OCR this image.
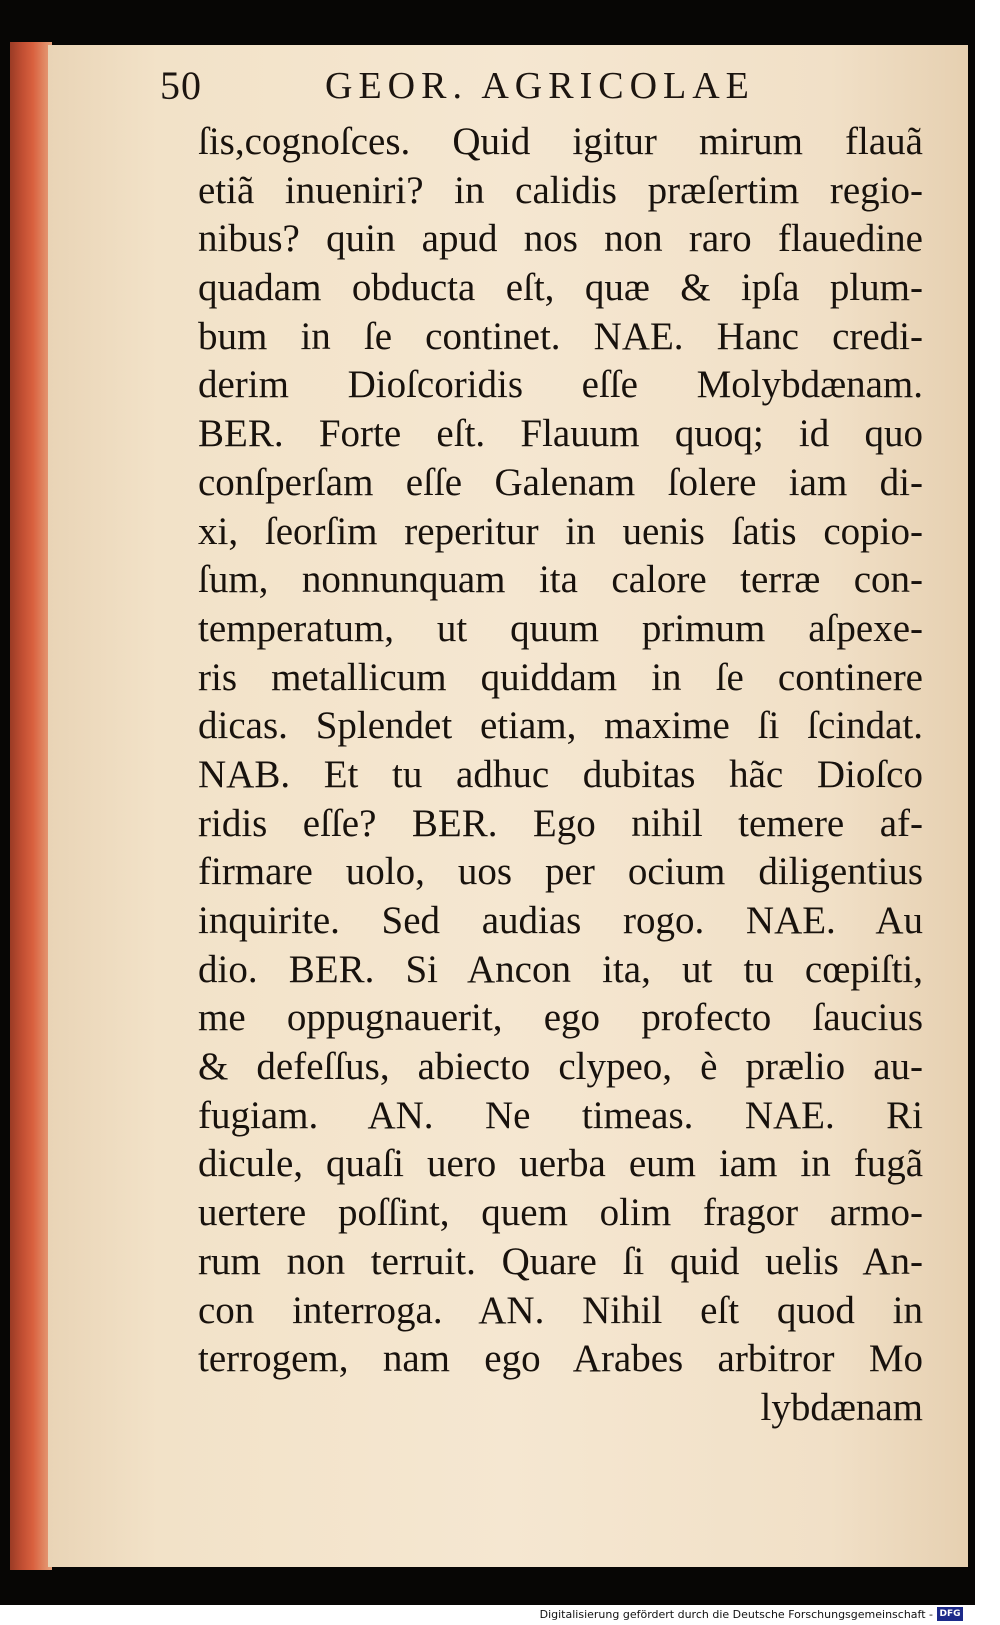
50	GEOR. AGRICOLAE
ſis,cognoſces. Quid igitur mirum flauã
etiã inueniri? in calidis præſertim regio-
nibus? quin apud nos non raro flauedine
quadam obducta eſt, quæ & ipſa plum-
bum in ſe continet. NAE. Hanc credi-
derim Dioſcoridis eſſe Molybdænam.
BER. Forte eſt. Flauum quoq; id quo
conſperſam eſſe Galenam ſolere iam di-
xi, ſeorſim reperitur in uenis ſatis copio-
ſum, nonnunquam ita calore terræ con-
temperatum, ut quum primum aſpexe-
ris metallicum quiddam in ſe continere
dicas. Splendet etiam, maxime ſi ſcindat.
NAB. Et tu adhuc dubitas hãc Dioſco
ridis eſſe? BER. Ego nihil temere af-
firmare uolo, uos per ocium diligentius
inquirite. Sed audias rogo. NAE. Au
dio. BER. Si Ancon ita, ut tu cœpiſti,
me oppugnauerit, ego profecto ſaucius
& defeſſus, abiecto clypeo, è prælio au-
fugiam. AN. Ne timeas. NAE. Ri
dicule, quaſi uero uerba eum iam in fugã
uertere poſſint, quem olim fragor armo-
rum non terruit. Quare ſi quid uelis An-
con interroga. AN. Nihil eſt quod in
terrogem, nam ego Arabes arbitror Mo
lybdænam
Digitalisierung gefördert durch die Deutsche Forschungsgemeinschaft - DFG
